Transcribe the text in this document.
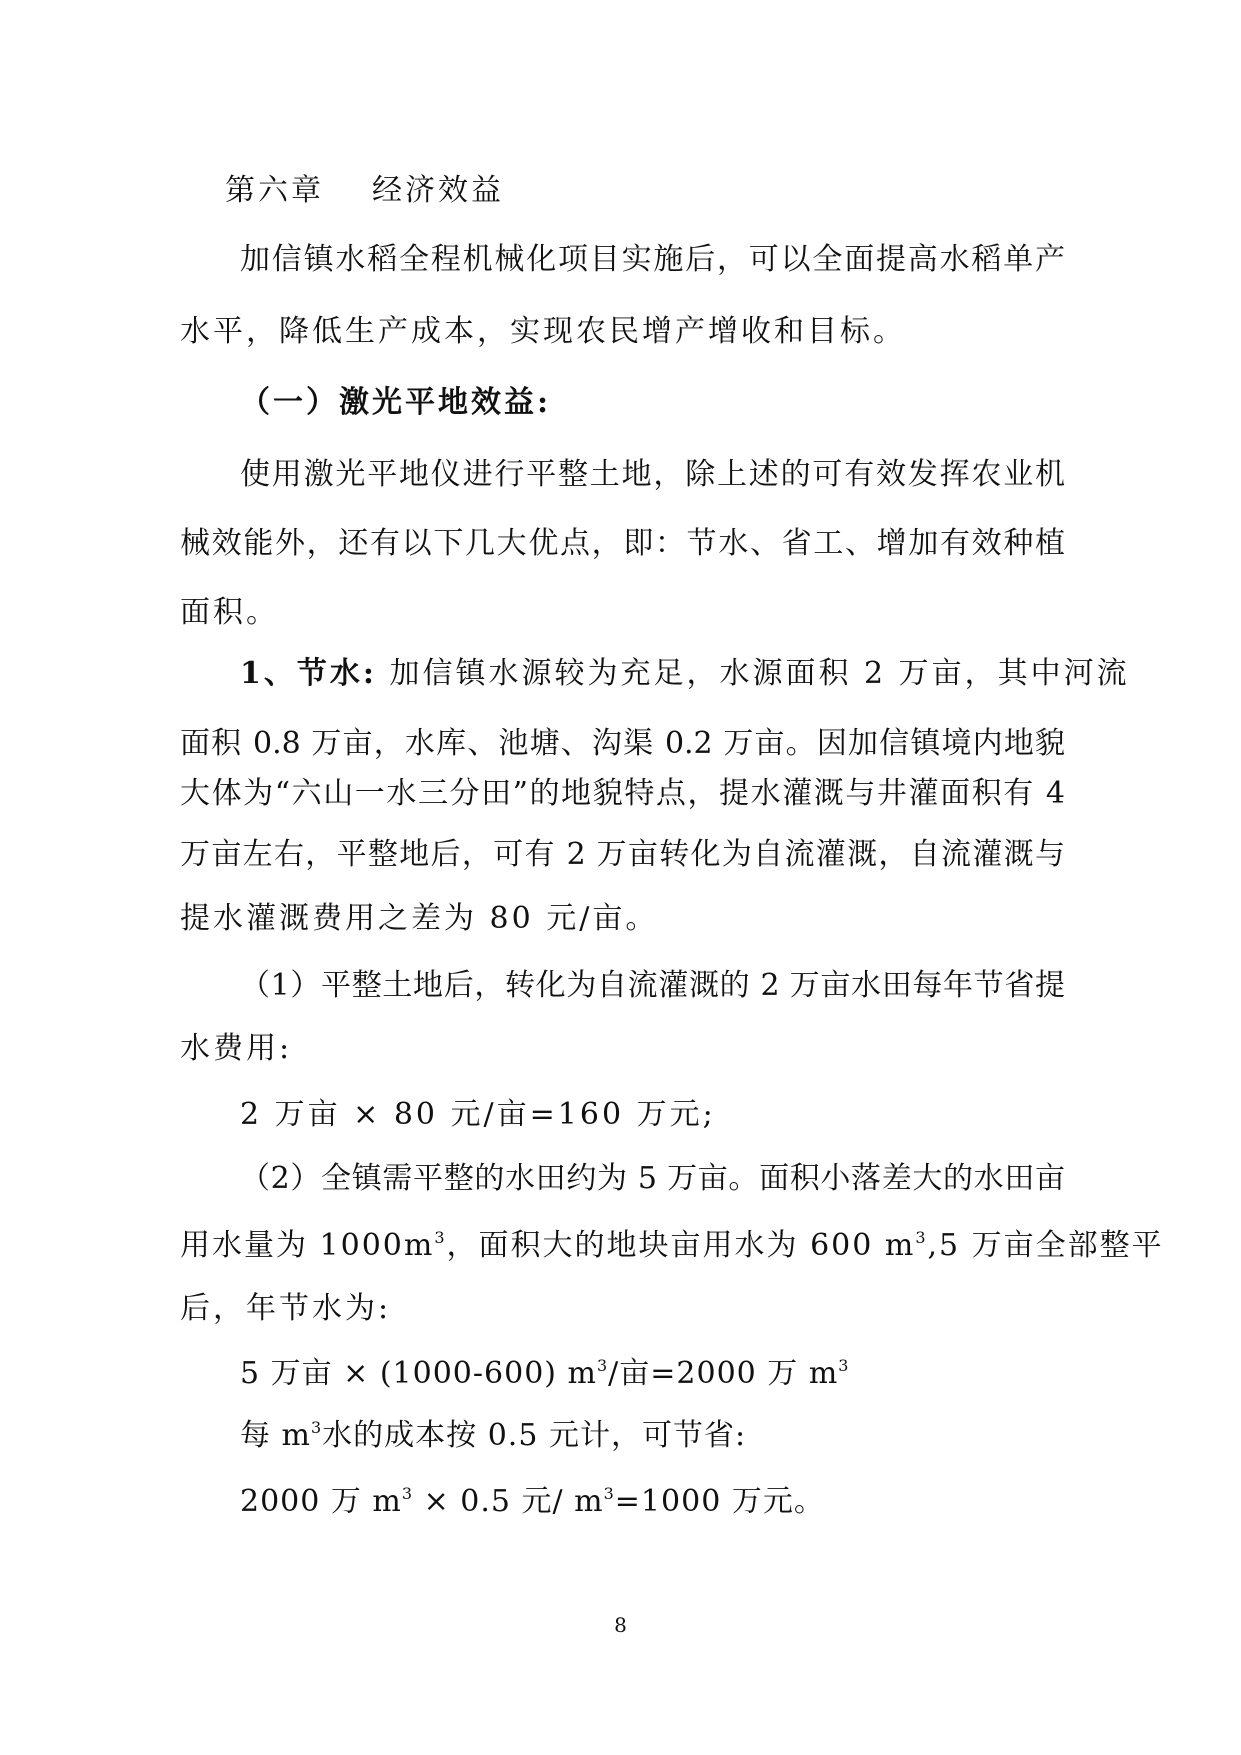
第六章 经济效益
加信镇水稻全程机械化项目实施后，可以全面提高水稻单产
水平，降低生产成本，实现农民增产增收和目标。
（一）激光平地效益:
使用激光平地仪进行平整土地，除上述的可有效发挥农业机
械效能外，还有以下几大优点，即：节水、省工、增加有效种植
面积。
1、节水: 加信镇水源较为充足，水源面积 2 万亩，其中河流
面积 0.8 万亩，水库、池塘、沟渠 0.2 万亩。因加信镇境内地貌
大体为“六山一水三分田”的地貌特点，提水灌溉与井灌面积有 4
万亩左右，平整地后，可有 2 万亩转化为自流灌溉，自流灌溉与
提水灌溉费用之差为 80 元/亩。
（1）平整土地后，转化为自流灌溉的 2 万亩水田每年节省提
水费用:
2 万亩 × 80 元/亩=160 万元;
（2）全镇需平整的水田约为 5 万亩。面积小落差大的水田亩
用水量为 $1000m^3$，面积大的地块亩用水为 600 $m^3,5$ 万亩全部整平
后，年节水为:
5 万亩 × (1000-600) $m^3/$亩=2000 万 $m^3$
每 $m^3$水的成本按 0.5 元计，可节省:
2000 万 $m^3 \times 0.5$ 元/ $m^3=1000$ 万元。
8
